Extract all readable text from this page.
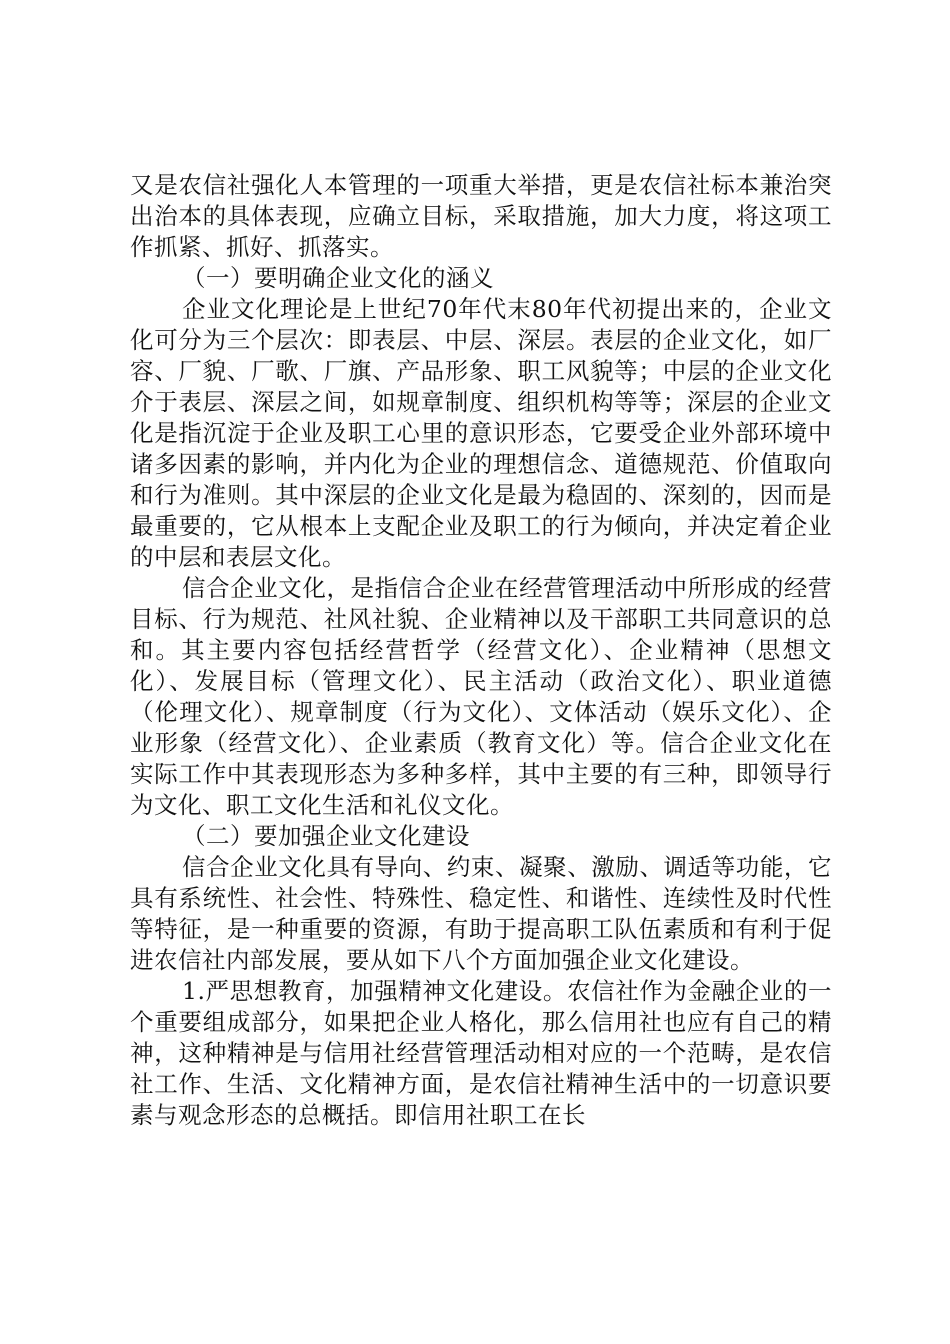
又是农信社强化人本管理的一项重大举措，更是农信社标本兼治突出治本的具体表现，应确立目标，采取措施，加大力度，将这项工作抓紧、抓好、抓落实。

（一）要明确企业文化的涵义

企业文化理论是上世纪70年代末80年代初提出来的，企业文化可分为三个层次：即表层、中层、深层。表层的企业文化，如厂容、厂貌、厂歌、厂旗、产品形象、职工风貌等；中层的企业文化介于表层、深层之间，如规章制度、组织机构等等；深层的企业文化是指沉淀于企业及职工心里的意识形态，它要受企业外部环境中诸多因素的影响，并内化为企业的理想信念、道德规范、价值取向和行为准则。其中深层的企业文化是最为稳固的、深刻的，因而是最重要的，它从根本上支配企业及职工的行为倾向，并决定着企业的中层和表层文化。

信合企业文化，是指信合企业在经营管理活动中所形成的经营目标、行为规范、社风社貌、企业精神以及干部职工共同意识的总和。其主要内容包括经营哲学（经营文化）、企业精神（思想文化）、发展目标（管理文化）、民主活动（政治文化）、职业道德（伦理文化）、规章制度（行为文化）、文体活动（娱乐文化）、企业形象（经营文化）、企业素质（教育文化）等。信合企业文化在实际工作中其表现形态为多种多样，其中主要的有三种，即领导行为文化、职工文化生活和礼仪文化。

（二）要加强企业文化建设

信合企业文化具有导向、约束、凝聚、激励、调适等功能，它具有系统性、社会性、特殊性、稳定性、和谐性、连续性及时代性等特征，是一种重要的资源，有助于提高职工队伍素质和有利于促进农信社内部发展，要从如下八个方面加强企业文化建设。

1.严思想教育，加强精神文化建设。农信社作为金融企业的一个重要组成部分，如果把企业人格化，那么信用社也应有自己的精神，这种精神是与信用社经营管理活动相对应的一个范畴，是农信社工作、生活、文化精神方面，是农信社精神生活中的一切意识要素与观念形态的总概括。即信用社职工在长
